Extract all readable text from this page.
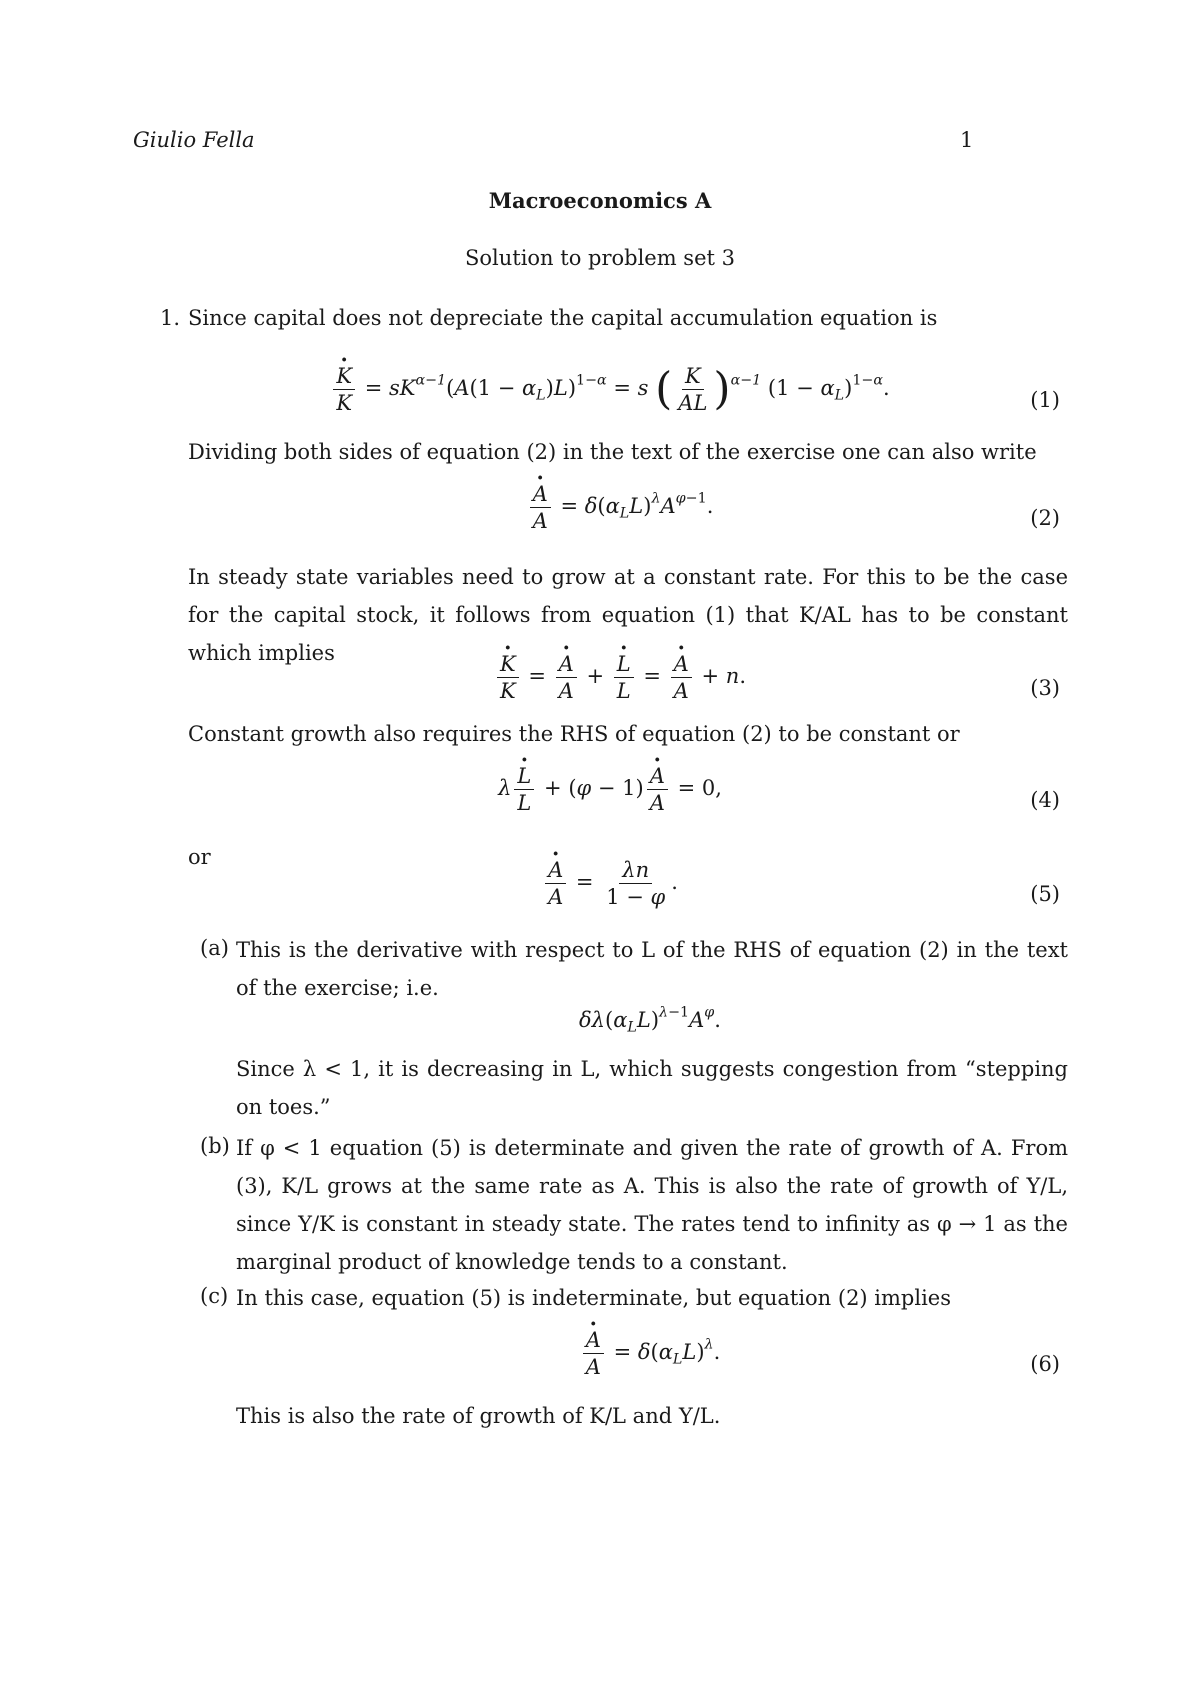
Giulio Fella	1
Macroeconomics A
Solution to problem set 3
1. Since capital does not depreciate the capital accumulation equation is
· $\frac{K}{K} = sK^{\alpha-1}(A(1 - \alpha_L)L)^{1-\alpha} = s$ ( $\frac{K}{AL} )^{\alpha-1}$ $(1 - \alpha_L)^{1-\alpha}$.	(1)
Dividing both sides of equation (2) in the text of the exercise one can also write
· $\frac{A}{A} = \delta(\alpha_LL)^\lambda A^{\varphi-1}$.	(2)
In steady state variables need to grow at a constant rate. For this to be the case for the capital stock, it follows from equation (1) that K/AL has to be constant which implies
·	$\frac{K}{K}$ =
· $\frac{A}{A}$ +
· $\frac{L}{L}$ =
· $\frac{A}{A} + n$.	(3)
Constant growth also requires the RHS of equation (2) to be constant or
λ
· $\frac{L}{L} + (\varphi - 1)$
· $\frac{A}{A} = 0$,	(4)
or
· $\frac{A}{A} = \frac{\lambda n}{1 - \varphi}$ .	(5)
(a) This is the derivative with respect to L of the RHS of equation (2) in the text of the exercise; i.e.
$\delta\lambda(\alpha_LL)^{\lambda-1}A^\varphi$.
Since λ < 1, it is decreasing in L, which suggests congestion from “stepping on toes.”
(b) If φ < 1 equation (5) is determinate and given the rate of growth of A. From (3), K/L grows at the same rate as A. This is also the rate of growth of Y/L, since Y/K is constant in steady state. The rates tend to infinity as φ → 1 as the marginal product of knowledge tends to a constant.
(c) In this case, equation (5) is indeterminate, but equation (2) implies
· $\frac{A}{A} = \delta(\alpha_LL)^\lambda$.	(6)
This is also the rate of growth of K/L and Y/L.
